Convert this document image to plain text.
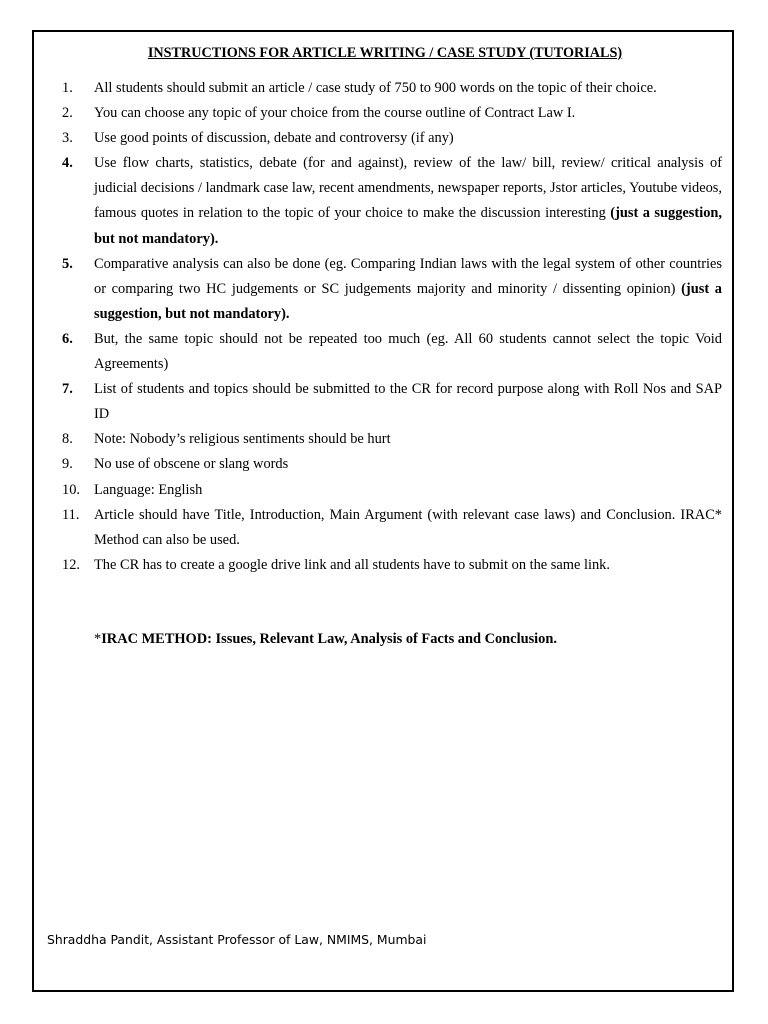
INSTRUCTIONS FOR ARTICLE WRITING / CASE STUDY (TUTORIALS)
1.	All students should submit an article / case study of 750 to 900 words on the topic of their choice.
2.	You can choose any topic of your choice from the course outline of Contract Law I.
3.	Use good points of discussion, debate and controversy (if any)
4.	Use flow charts, statistics, debate (for and against), review of the law/ bill, review/ critical analysis of judicial decisions / landmark case law, recent amendments, newspaper reports, Jstor articles, Youtube videos, famous quotes in relation to the topic of your choice to make the discussion interesting (just a suggestion, but not mandatory).
5.	Comparative analysis can also be done (eg. Comparing Indian laws with the legal system of other countries or comparing two HC judgements or SC judgements majority and minority / dissenting opinion) (just a suggestion, but not mandatory).
6.	But, the same topic should not be repeated too much (eg. All 60 students cannot select the topic Void Agreements)
7.	List of students and topics should be submitted to the CR for record purpose along with Roll Nos and SAP ID
8.	Note: Nobody’s religious sentiments should be hurt
9.	No use of obscene or slang words
10. Language: English
11.	Article should have Title, Introduction, Main Argument (with relevant case laws) and Conclusion. IRAC* Method can also be used.
12. The CR has to create a google drive link and all students have to submit on the same link.

*IRAC METHOD: Issues, Relevant Law, Analysis of Facts and Conclusion.

Shraddha Pandit, Assistant Professor of Law, NMIMS, Mumbai
